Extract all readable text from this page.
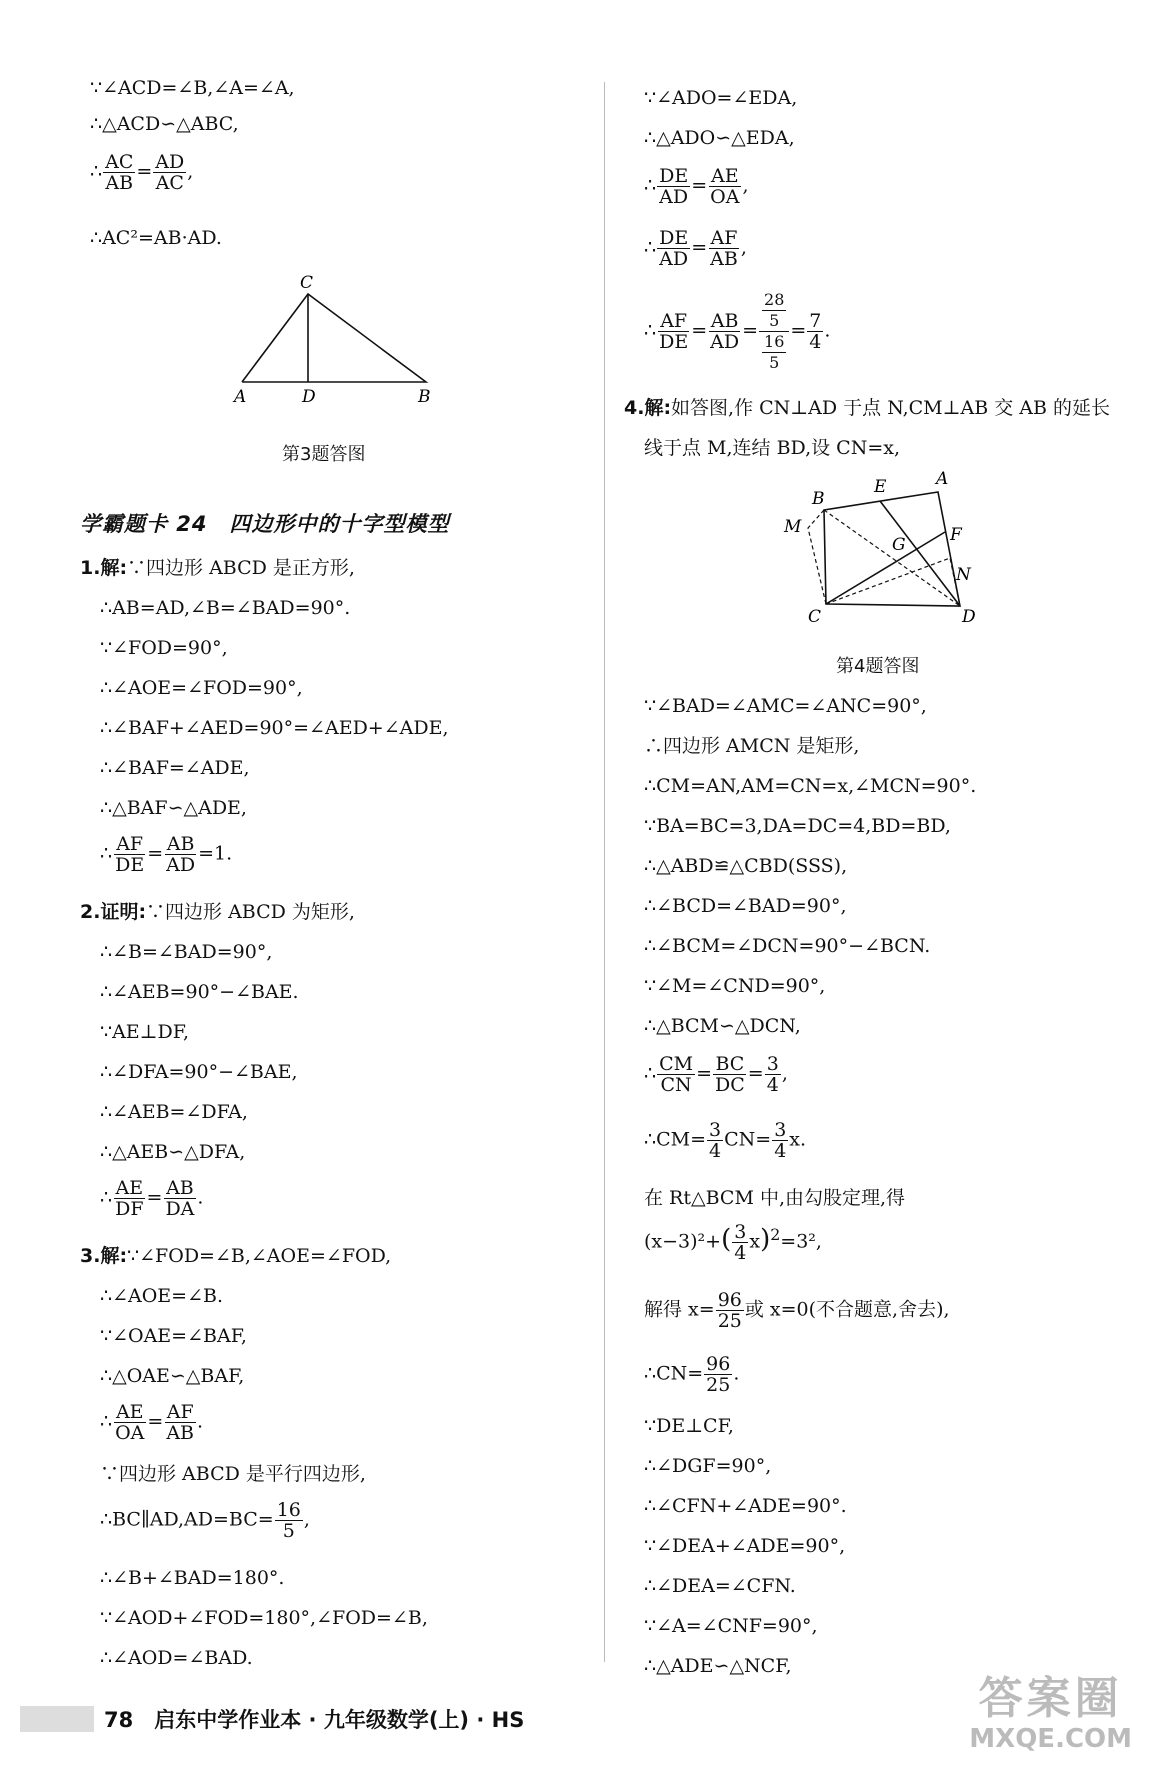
∵∠ACD=∠B,∠A=∠A,
∴△ACD∽△ABC,
∴ $\frac{AC}{AB} = \frac{AD}{AC}$ ,
∴AC²=AB·AD.
C
A	D	B
第3题答图
学霸题卡 24　四边形中的十字型模型
1.解:∵四边形 ABCD 是正方形,
∴AB=AD,∠B=∠BAD=90°.
∵∠FOD=90°,
∴∠AOE=∠FOD=90°,
∴∠BAF+∠AED=90°=∠AED+∠ADE,
∴∠BAF=∠ADE,
∴△BAF∽△ADE,
∴ $\frac{AF}{DE} = \frac{AB}{AD} =1$.
2.证明:∵四边形 ABCD 为矩形,
∴∠B=∠BAD=90°,
∴∠AEB=90°−∠BAE.
∵AE⊥DF,
∴∠DFA=90°−∠BAE,
∴∠AEB=∠DFA,
∴△AEB∽△DFA,
∴ $\frac{AE}{DF} = \frac{AB}{DA}$ .
3.解:∵∠FOD=∠B,∠AOE=∠FOD,
∴∠AOE=∠B.
∵∠OAE=∠BAF,
∴△OAE∽△BAF,
∴ $\frac{AE}{OA} = \frac{AF}{AB}$ .
∵四边形 ABCD 是平行四边形,
∴BC∥AD,AD=BC= $\frac{16}{5}$ ,
∴∠B+∠BAD=180°.
∵∠AOD+∠FOD=180°,∠FOD=∠B,
∴∠AOD=∠BAD.
∵∠ADO=∠EDA,
∴△ADO∽△EDA,
∴ $\frac{DE}{AD} = \frac{AE}{OA}$ ,
∴ $\frac{DE}{AD} = \frac{AF}{AB}$ ,
∴ $\frac{AF}{DE} = \frac{AB}{AD} = \frac{\frac{28}{5}}{\frac{16}{5}} = \frac{7}{4}$ .
4.解:如答图,作 CN⊥AD 于点 N,CM⊥AB 交 AB 的延长
线于点 M,连结 BD,设 CN=x,
M
B
E	A
F
G
N
C	D
第4题答图
∵∠BAD=∠AMC=∠ANC=90°,
∴四边形 AMCN 是矩形,
∴CM=AN,AM=CN=x,∠MCN=90°.
∵BA=BC=3,DA=DC=4,BD=BD,
∴△ABD≌△CBD(SSS),
∴∠BCD=∠BAD=90°,
∴∠BCM=∠DCN=90°−∠BCN.
∵∠M=∠CND=90°,
∴△BCM∽△DCN,
∴ $\frac{CM}{CN} = \frac{BC}{DC} = \frac{3}{4}$ ,
∴CM= $\frac{3}{4} CN= \frac{3}{4} x$.
在 Rt△BCM 中,由勾股定理,得
$(x-3)^2+( \frac{3}{4} x)^2=3^2$,
解得 $x= \frac{96}{25}$ 或 x=0(不合题意,舍去),
∴CN= $\frac{96}{25}$ .
∵DE⊥CF,
∴∠DGF=90°,
∴∠CFN+∠ADE=90°.
∵∠DEA+∠ADE=90°,
∴∠DEA=∠CFN.
∵∠A=∠CNF=90°,
∴△ADE∽△NCF,
78　 启东中学作业本 · 九年级数学(上) · HS	答案圈
MXQE.COM
